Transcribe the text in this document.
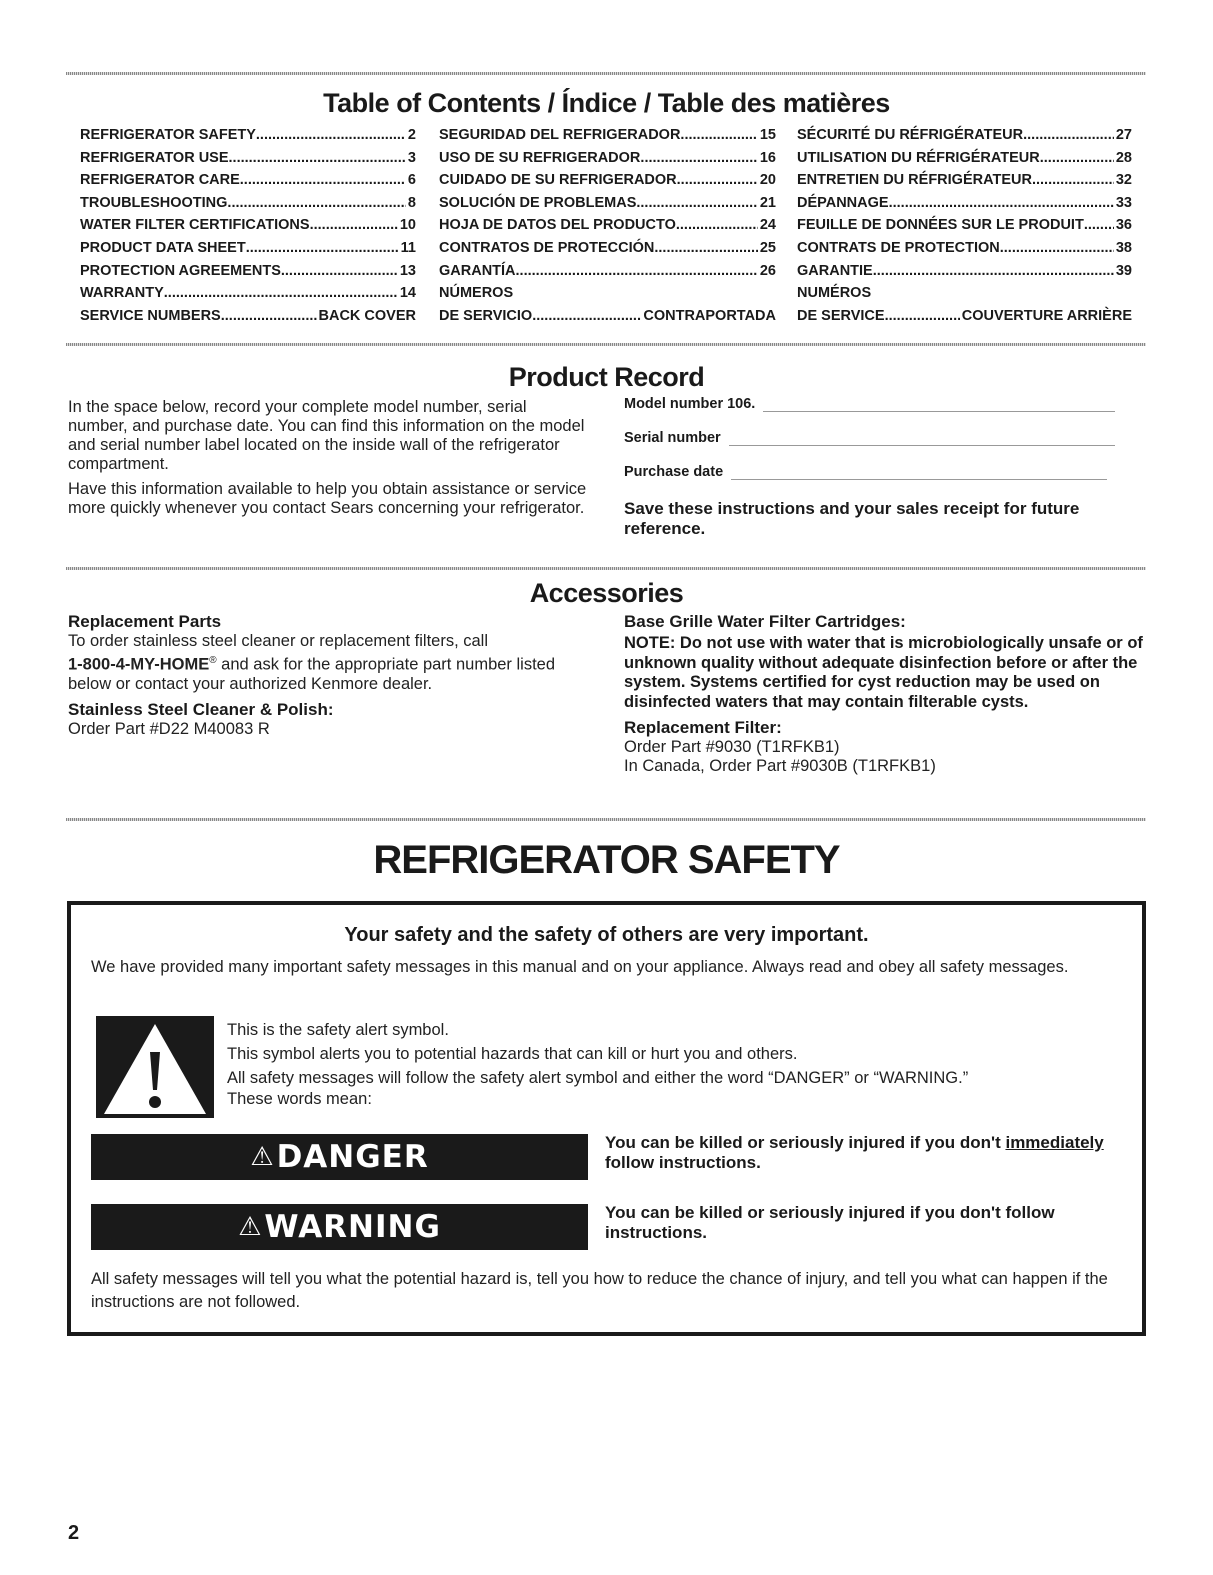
Table of Contents / Índice / Table des matières
REFRIGERATOR SAFETY .....	2
REFRIGERATOR USE .....	3
REFRIGERATOR CARE .....	6
TROUBLESHOOTING .....	8
WATER FILTER CERTIFICATIONS .....	10
PRODUCT DATA SHEET .....	11
PROTECTION AGREEMENTS .....	13
WARRANTY .....	14
SERVICE NUMBERS .....	BACK COVER
SEGURIDAD DEL REFRIGERADOR .....	15
USO DE SU REFRIGERADOR .....	16
CUIDADO DE SU REFRIGERADOR .....	20
SOLUCIÓN DE PROBLEMAS .....	21
HOJA DE DATOS DEL PRODUCTO .....	24
CONTRATOS DE PROTECCIÓN .....	25
GARANTÍA .....	26
NÚMEROS
DE SERVICIO .....	CONTRAPORTADA
SÉCURITÉ DU RÉFRIGÉRATEUR .....	27
UTILISATION DU RÉFRIGÉRATEUR .....	28
ENTRETIEN DU RÉFRIGÉRATEUR .....	32
DÉPANNAGE .....	33
FEUILLE DE DONNÉES SUR LE PRODUIT ..... 36
CONTRATS DE PROTECTION .....	38
GARANTIE .....	39
NUMÉROS
DE SERVICE .....	COUVERTURE ARRIÈRE
Product Record
In the space below, record your complete model number, serial number, and purchase date. You can find this information on the model and serial number label located on the inside wall of the refrigerator compartment.
Have this information available to help you obtain assistance or service more quickly whenever you contact Sears concerning your refrigerator.
Model number 106.
Serial number
Purchase date
Save these instructions and your sales receipt for future reference.
Accessories
Replacement Parts
To order stainless steel cleaner or replacement filters, call
1-800-4-MY-HOME® and ask for the appropriate part number listed below or contact your authorized Kenmore dealer.
Stainless Steel Cleaner & Polish:
Order Part #D22 M40083 R
Base Grille Water Filter Cartridges:
NOTE: Do not use with water that is microbiologically unsafe or of unknown quality without adequate disinfection before or after the system. Systems certified for cyst reduction may be used on disinfected waters that may contain filterable cysts.
Replacement Filter:
Order Part #9030 (T1RFKB1)
In Canada, Order Part #9030B (T1RFKB1)
REFRIGERATOR SAFETY
Your safety and the safety of others are very important.
We have provided many important safety messages in this manual and on your appliance. Always read and obey all safety messages.
This is the safety alert symbol.
This symbol alerts you to potential hazards that can kill or hurt you and others.
All safety messages will follow the safety alert symbol and either the word “DANGER” or “WARNING.”
These words mean:
⚠ DANGER	You can be killed or seriously injured if you don't immediately follow instructions.
⚠ WARNING	You can be killed or seriously injured if you don't follow instructions.
All safety messages will tell you what the potential hazard is, tell you how to reduce the chance of injury, and tell you what can happen if the instructions are not followed.
2
